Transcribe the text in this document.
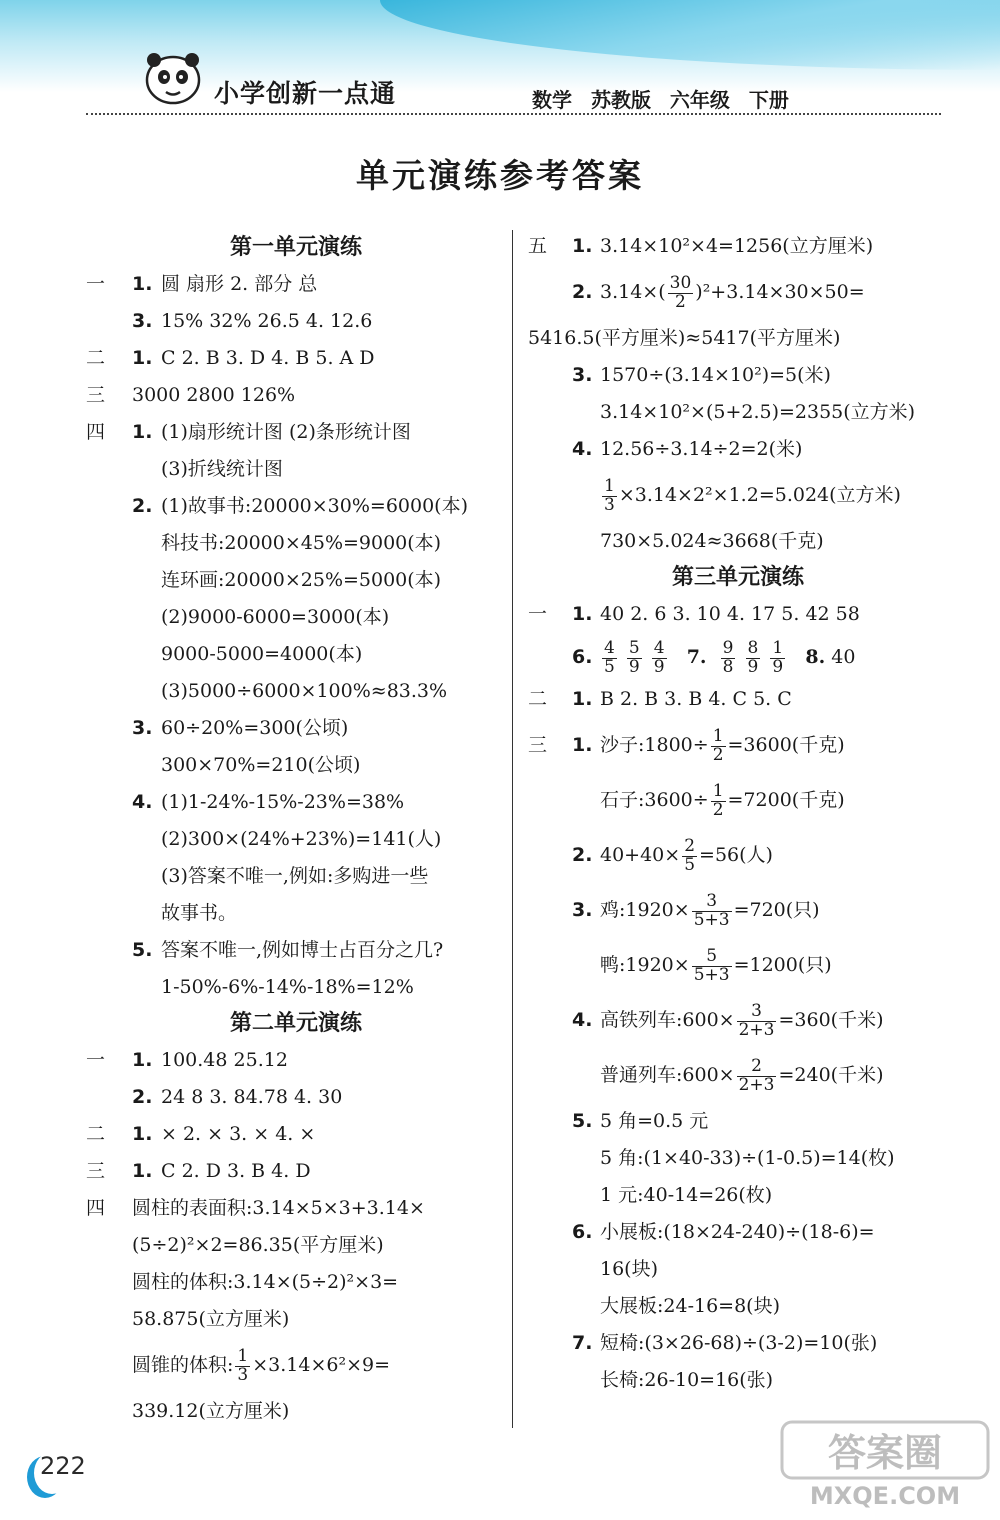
小学创新一点通	数学 苏教版 六年级 下册
单元演练参考答案
第一单元演练
一	1. 圆 扇形 2. 部分 总
3. 15% 32% 26.5 4. 12.6
二	1. C 2. B 3. D 4. B 5. A D
三	3000 2800 126%
四	1. (1)扇形统计图 (2)条形统计图
(3)折线统计图
2. (1)故事书:20000×30%=6000(本)
科技书:20000×45%=9000(本)
连环画:20000×25%=5000(本)
(2)9000-6000=3000(本)
9000-5000=4000(本)
(3)5000÷6000×100%≈83.3%
3. 60÷20%=300(公顷)
300×70%=210(公顷)
4. (1)1-24%-15%-23%=38%
(2)300×(24%+23%)=141(人)
(3)答案不唯一,例如:多购进一些
故事书。
5. 答案不唯一,例如博士占百分之几?
1-50%-6%-14%-18%=12%
第二单元演练
一	1. 100.48 25.12
2. 24 8 3. 84.78 4. 30
二	1. × 2. × 3. × 4. ×
三	1. C 2. D 3. B 4. D
四	圆柱的表面积:3.14×5×3+3.14×
(5÷2)²×2=86.35(平方厘米)
圆柱的体积:3.14×(5÷2)²×3=
58.875(立方厘米)
圆锥的体积: $\frac{1}{3} \times 3.14\times 6^2\times 9=$
339.12(立方厘米)
五	1. 3.14×10²×4=1256(立方厘米)
2. $3.14\times( \frac{30}{2} )^2+3.14\times 30\times 50=$
5416.5(平方厘米)≈5417(平方厘米)
3. 1570÷(3.14×10²)=5(米)
3.14×10²×(5+2.5)=2355(立方米)
4. 12.56÷3.14÷2=2(米)
$\frac{1}{3} \times 3.14\times 2^2\times 1.2=5.024$(立方米)
730×5.024≈3668(千克)
第三单元演练
一	1. 40 2. 6 3. 10 4. 17 5. 42 58
6. $\frac{4}{5}$
$\frac{5}{9}$
$\frac{4}{9} 7$. $\frac{9}{8}$
$\frac{8}{9}$
$\frac{1}{9} 8$. 40
二	1. B 2. B 3. B 4. C 5. C
三	1. 沙子:1800÷ $\frac{1}{2} =3600$(千克)
石子:3600÷ $\frac{1}{2} =7200$(千克)
2. $40+40\times \frac{2}{5} =56$(人)
3. 鸡:1920× $\frac{3}{5+3} =720$(只)
鸭:1920× $\frac{5}{5+3} =1200$(只)
4. 高铁列车:600× $\frac{3}{2+3} =360$(千米)
普通列车:600× $\frac{2}{2+3} =240$(千米)
5. 5 角=0.5 元
5 角:(1×40-33)÷(1-0.5)=14(枚)
1 元:40-14=26(枚)
6. 小展板:(18×24-240)÷(18-6)=
16(块)
大展板:24-16=8(块)
7. 短椅:(3×26-68)÷(3-2)=10(张)
长椅:26-10=16(张)
222	答案圈
MXQE.COM
